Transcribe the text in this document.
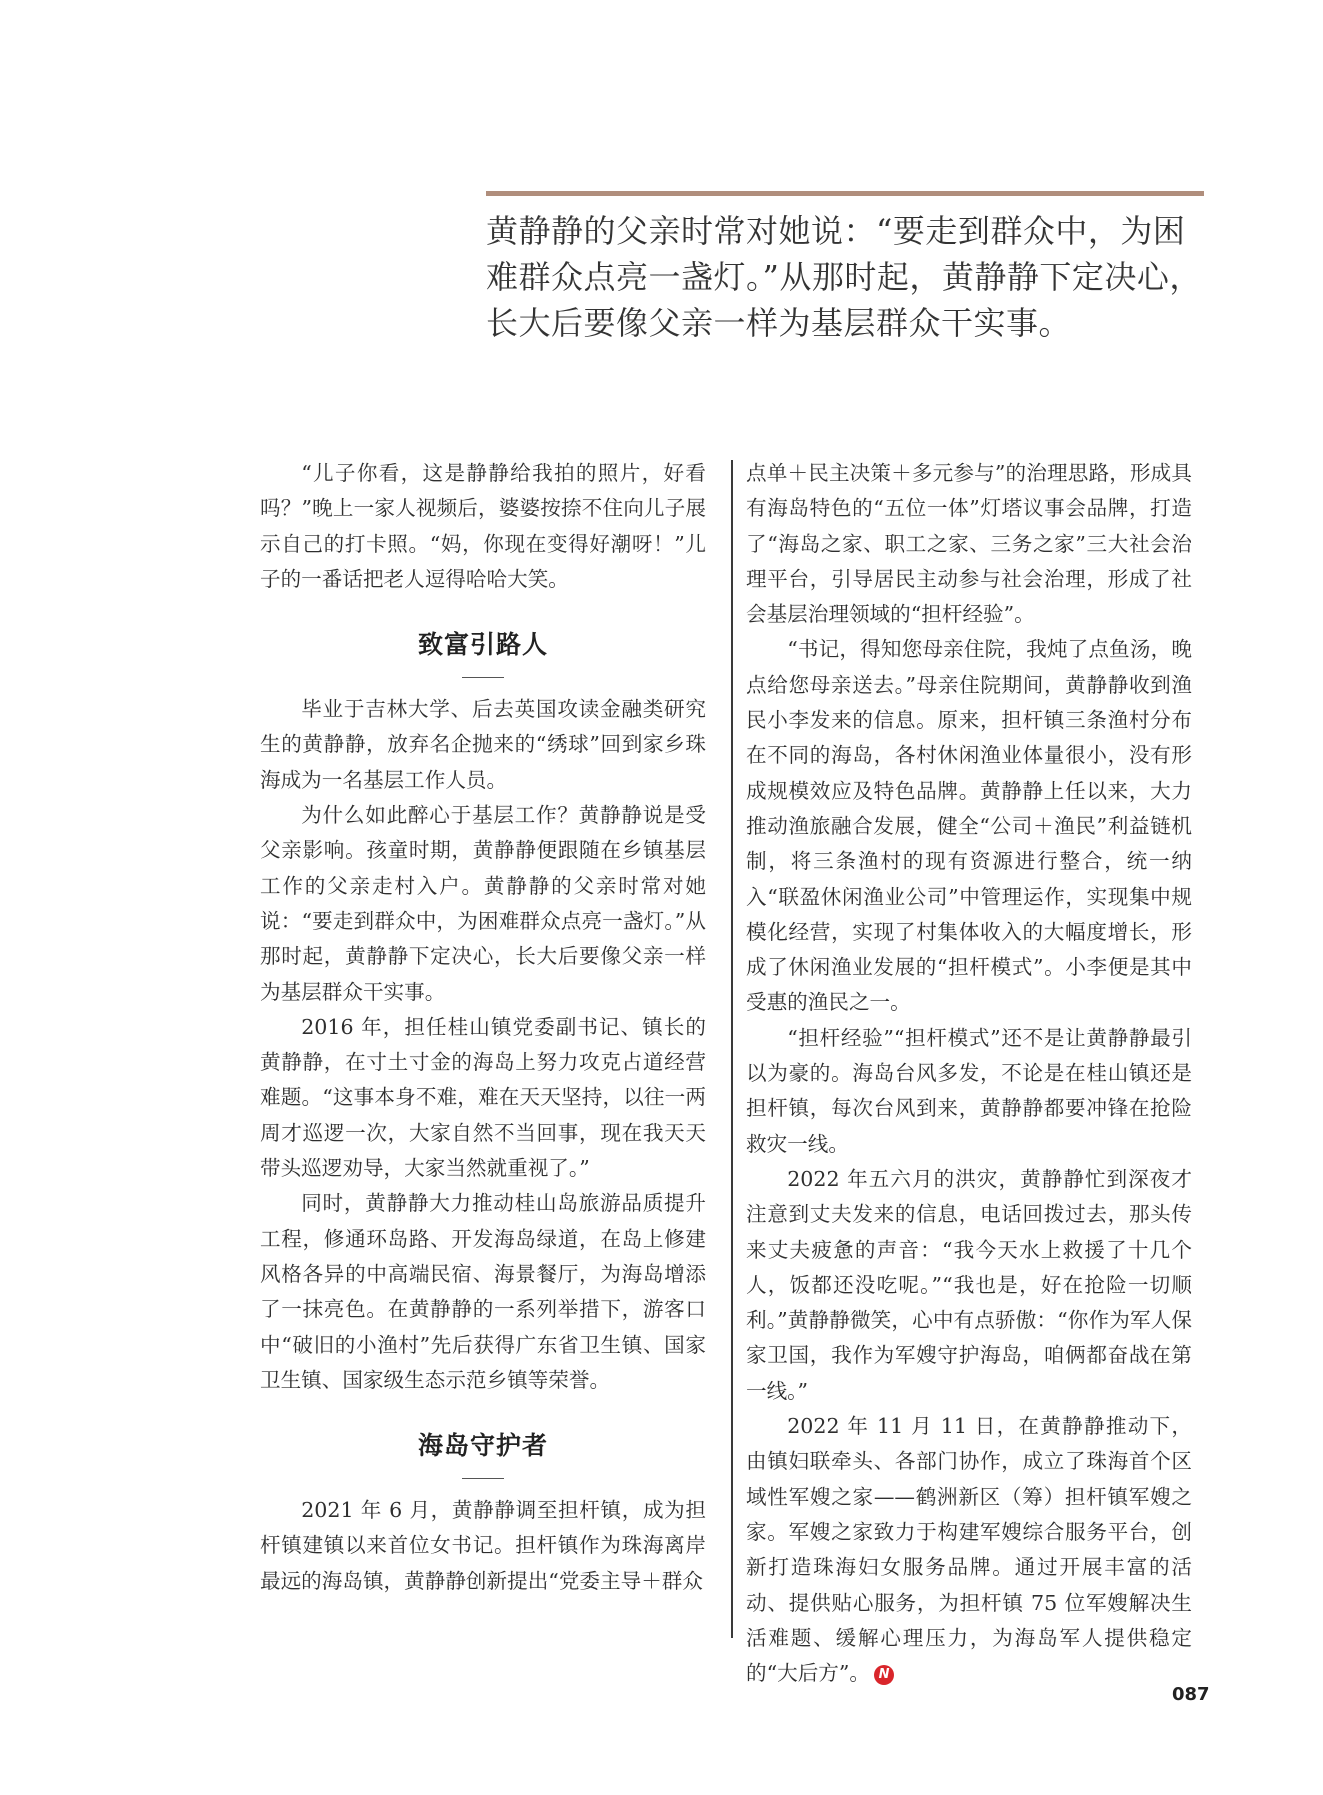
黄静静的父亲时常对她说：“要走到群众中，为困难群众点亮一盏灯。”从那时起，黄静静下定决心，长大后要像父亲一样为基层群众干实事。

“儿子你看，这是静静给我拍的照片，好看吗？”晚上一家人视频后，婆婆按捺不住向儿子展示自己的打卡照。“妈，你现在变得好潮呀！”儿子的一番话把老人逗得哈哈大笑。

致富引路人

毕业于吉林大学、后去英国攻读金融类研究生的黄静静，放弃名企抛来的“绣球”回到家乡珠海成为一名基层工作人员。

为什么如此醉心于基层工作？黄静静说是受父亲影响。孩童时期，黄静静便跟随在乡镇基层工作的父亲走村入户。黄静静的父亲时常对她说：“要走到群众中，为困难群众点亮一盏灯。”从那时起，黄静静下定决心，长大后要像父亲一样为基层群众干实事。

2016 年，担任桂山镇党委副书记、镇长的黄静静，在寸土寸金的海岛上努力攻克占道经营难题。“这事本身不难，难在天天坚持，以往一两周才巡逻一次，大家自然不当回事，现在我天天带头巡逻劝导，大家当然就重视了。”

同时，黄静静大力推动桂山岛旅游品质提升工程，修通环岛路、开发海岛绿道，在岛上修建风格各异的中高端民宿、海景餐厅，为海岛增添了一抹亮色。在黄静静的一系列举措下，游客口中“破旧的小渔村”先后获得广东省卫生镇、国家卫生镇、国家级生态示范乡镇等荣誉。

海岛守护者

2021 年 6 月，黄静静调至担杆镇，成为担杆镇建镇以来首位女书记。担杆镇作为珠海离岸最远的海岛镇，黄静静创新提出“党委主导＋群众

点单＋民主决策＋多元参与”的治理思路，形成具有海岛特色的“五位一体”灯塔议事会品牌，打造了“海岛之家、职工之家、三务之家”三大社会治理平台，引导居民主动参与社会治理，形成了社会基层治理领域的“担杆经验”。

“书记，得知您母亲住院，我炖了点鱼汤，晚点给您母亲送去。”母亲住院期间，黄静静收到渔民小李发来的信息。原来，担杆镇三条渔村分布在不同的海岛，各村休闲渔业体量很小，没有形成规模效应及特色品牌。黄静静上任以来，大力推动渔旅融合发展，健全“公司＋渔民”利益链机制，将三条渔村的现有资源进行整合，统一纳入“联盈休闲渔业公司”中管理运作，实现集中规模化经营，实现了村集体收入的大幅度增长，形成了休闲渔业发展的“担杆模式”。小李便是其中受惠的渔民之一。

“担杆经验”“担杆模式”还不是让黄静静最引以为豪的。海岛台风多发，不论是在桂山镇还是担杆镇，每次台风到来，黄静静都要冲锋在抢险救灾一线。

2022 年五六月的洪灾，黄静静忙到深夜才注意到丈夫发来的信息，电话回拨过去，那头传来丈夫疲惫的声音：“我今天水上救援了十几个人，饭都还没吃呢。”“我也是，好在抢险一切顺利。”黄静静微笑，心中有点骄傲：“你作为军人保家卫国，我作为军嫂守护海岛，咱俩都奋战在第一线。”

2022 年 11 月 11 日，在黄静静推动下，由镇妇联牵头、各部门协作，成立了珠海首个区域性军嫂之家——鹤洲新区（筹）担杆镇军嫂之家。军嫂之家致力于构建军嫂综合服务平台，创新打造珠海妇女服务品牌。通过开展丰富的活动、提供贴心服务，为担杆镇 75 位军嫂解决生活难题、缓解心理压力，为海岛军人提供稳定的“大后方”。 N

087
